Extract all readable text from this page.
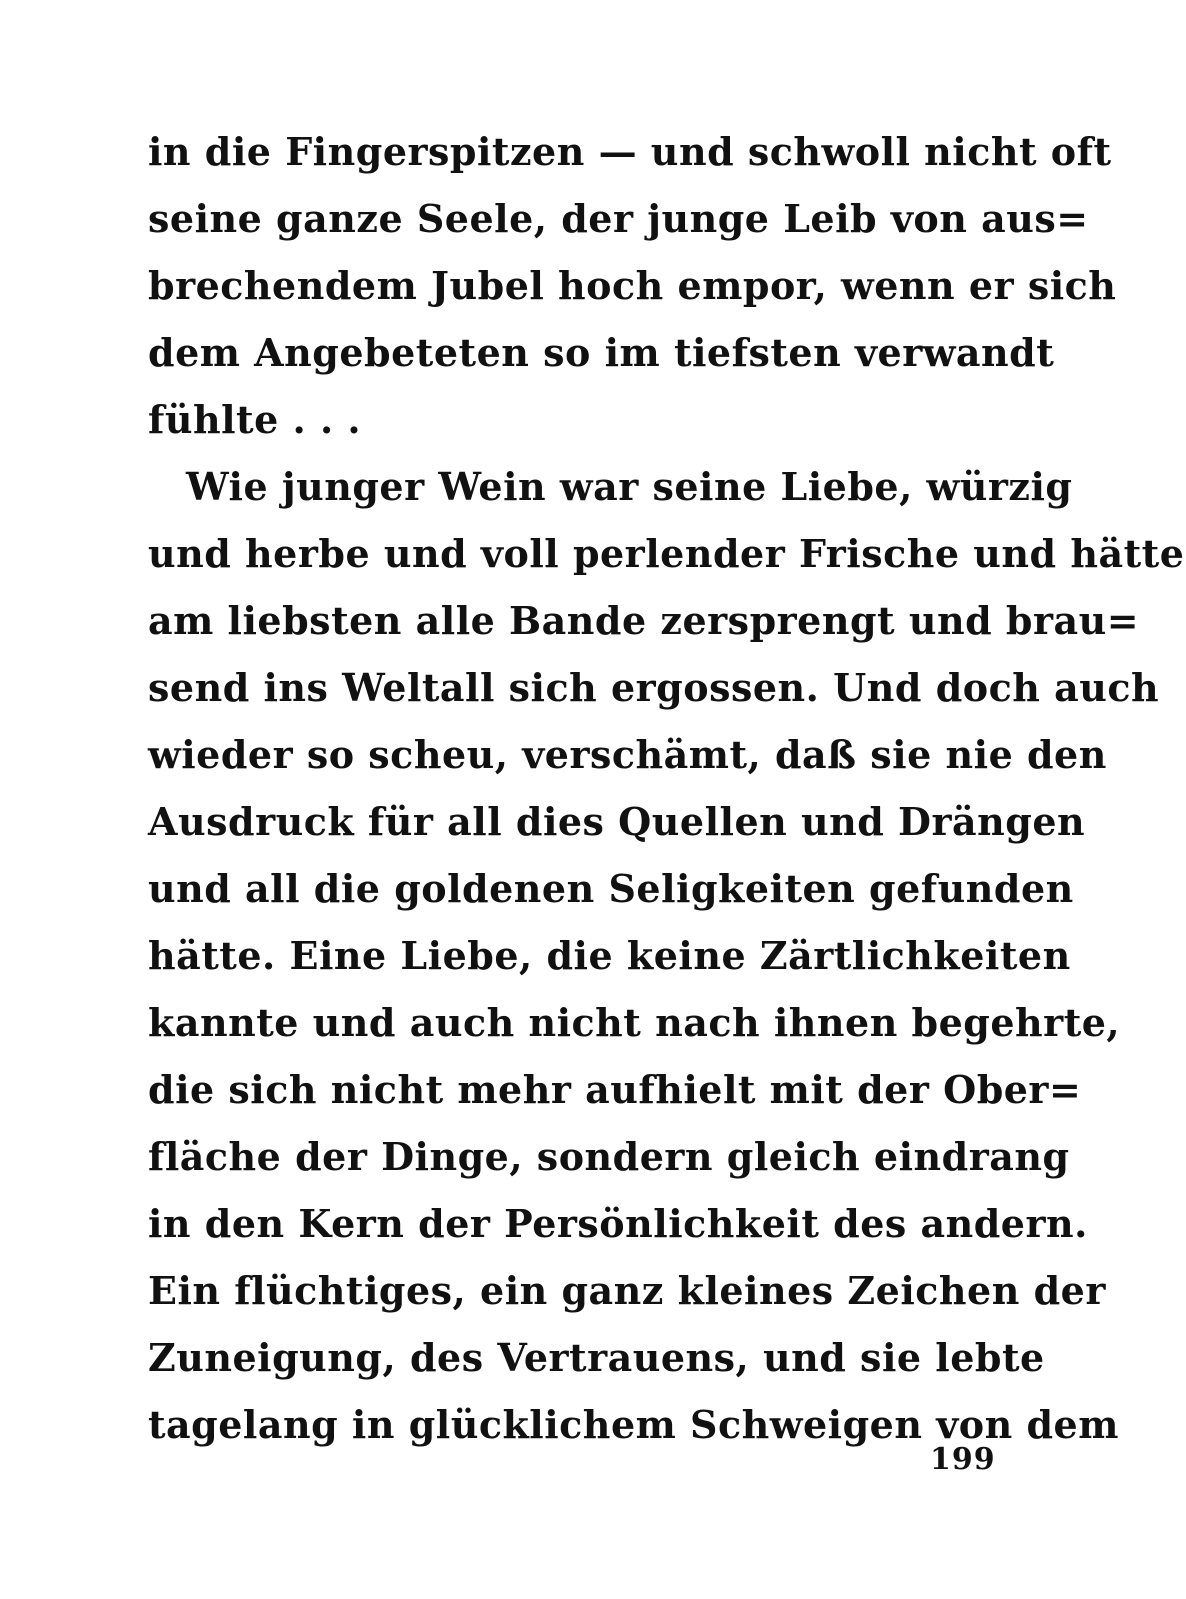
in die Fingerspitzen — und schwoll nicht oft
seine ganze Seele, der junge Leib von aus=
brechendem Jubel hoch empor, wenn er sich
dem Angebeteten so im tiefsten verwandt
fühlte . . .
Wie junger Wein war seine Liebe, würzig
und herbe und voll perlender Frische und hätte
am liebsten alle Bande zersprengt und brau=
send ins Weltall sich ergossen. Und doch auch
wieder so scheu, verschämt, daß sie nie den
Ausdruck für all dies Quellen und Drängen
und all die goldenen Seligkeiten gefunden
hätte. Eine Liebe, die keine Zärtlichkeiten
kannte und auch nicht nach ihnen begehrte,
die sich nicht mehr aufhielt mit der Ober=
fläche der Dinge, sondern gleich eindrang
in den Kern der Persönlichkeit des andern.
Ein flüchtiges, ein ganz kleines Zeichen der
Zuneigung, des Vertrauens, und sie lebte
tagelang in glücklichem Schweigen von dem
199
